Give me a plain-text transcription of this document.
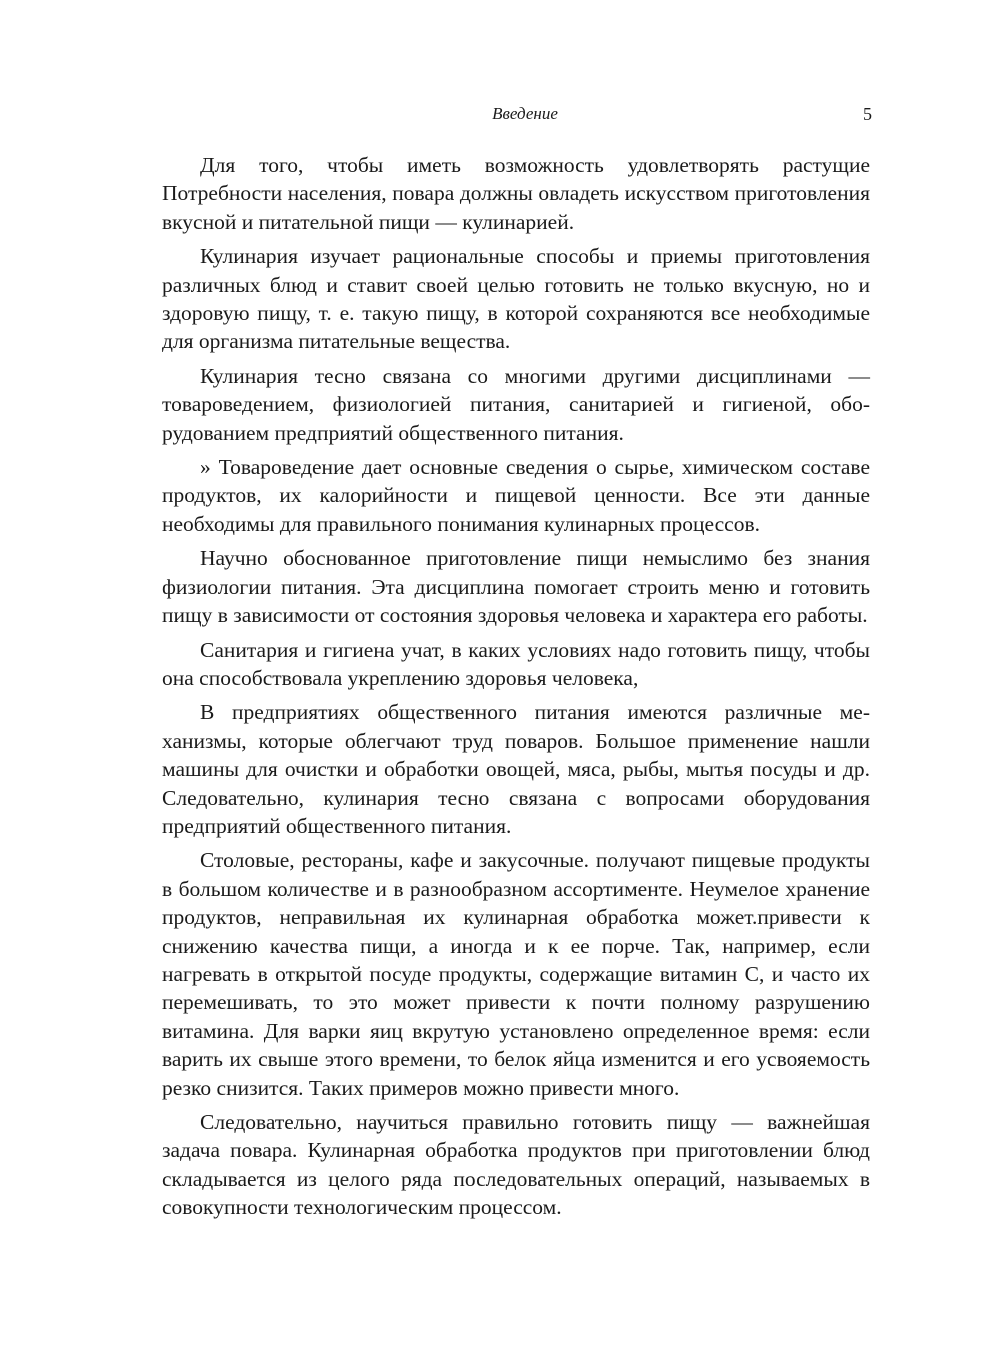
Введение	5

Для того, чтобы иметь возможность удовлетворять растущие Потребности населения, повара должны овладеть искусством приготовления вкусной и питательной пищи — кулинарией.

Кулинария изучает рациональные способы и приемы приготовления различных блюд и ставит своей целью готовить не только вкусную, но и здоровую пищу, т. е. такую пищу, в которой сохраняются все необходимые для организма питательные вещества.

Кулинария тесно связана со многими другими дисциплинами — товароведением, физиологией питания, санитарией и гигиеной, оборудованием предприятий общественного питания.

» Товароведение дает основные сведения о сырье, химическом составе продуктов, их калорийности и пищевой ценности. Все эти данные необходимы для правильного понимания кулинарных процессов.

Научно обоснованное приготовление пищи немыслимо без знания физиологии питания. Эта дисциплина помогает строить меню и готовить пищу в зависимости от состояния здоровья человека и характера его работы.

Санитария и гигиена учат, в каких условиях надо готовить пищу, чтобы она способствовала укреплению здоровья человека,

В предприятиях общественного питания имеются различные механизмы, которые облегчают труд поваров. Большое применение нашли машины для очистки и обработки овощей, мяса, рыбы, мытья посуды и др. Следовательно, кулинария тесно связана с вопросами оборудования предприятий общественного питания.

Столовые, рестораны, кафе и закусочные. получают пищевые продукты в большом количестве и в разнообразном ассортименте. Неумелое хранение продуктов, неправильная их кулинарная обработка может.привести к снижению качества пищи, а иногда и к ее порче. Так, например, если нагревать в открытой посуде продукты, содержащие витамин С, и часто их перемешивать, то это может привести к почти полному разрушению витамина. Для варки яиц вкрутую установлено определенное время: если варить их свыше этого времени, то белок яйца изменится и его усвояемость резко снизится. Таких примеров можно привести много.

Следовательно, научиться правильно готовить пищу — важнейшая задача повара. Кулинарная обработка продуктов при приготовлении блюд складывается из целого ряда последовательных операций, называемых в совокупности технологическим процессом.
